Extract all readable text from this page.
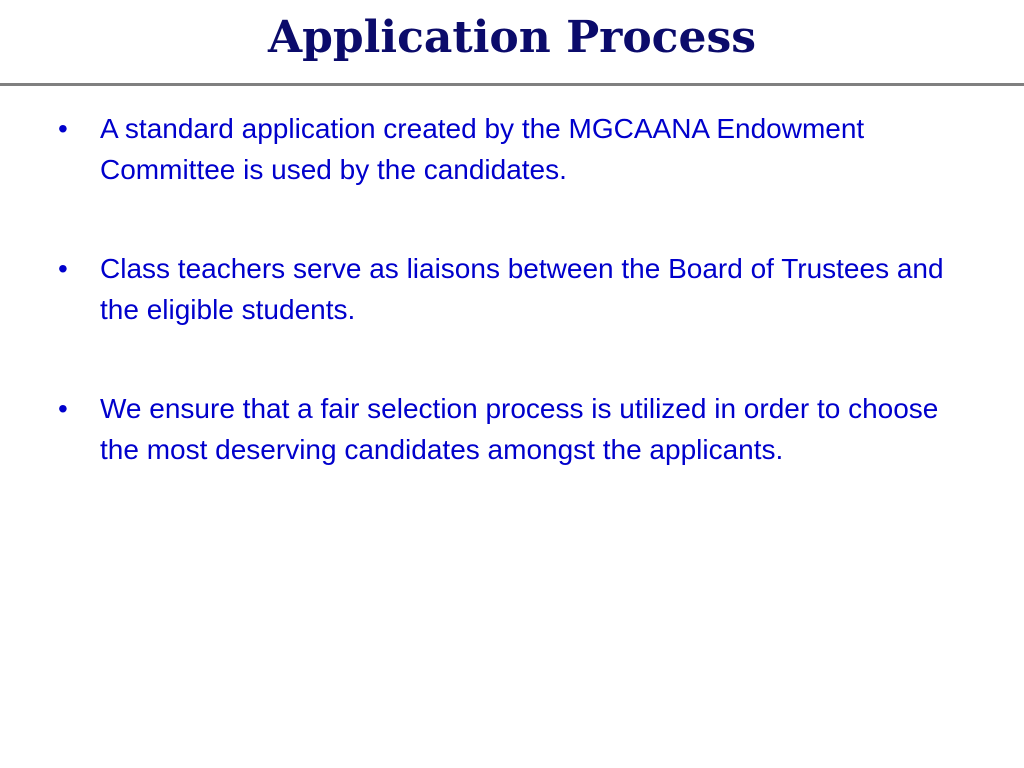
Application Process
•	A standard application created by the MGCAANA Endowment Committee is used by the candidates.
•	Class teachers serve as liaisons between the Board of Trustees and the eligible students.
•	We ensure that a fair selection process is utilized in order to choose the most deserving candidates amongst the applicants.
